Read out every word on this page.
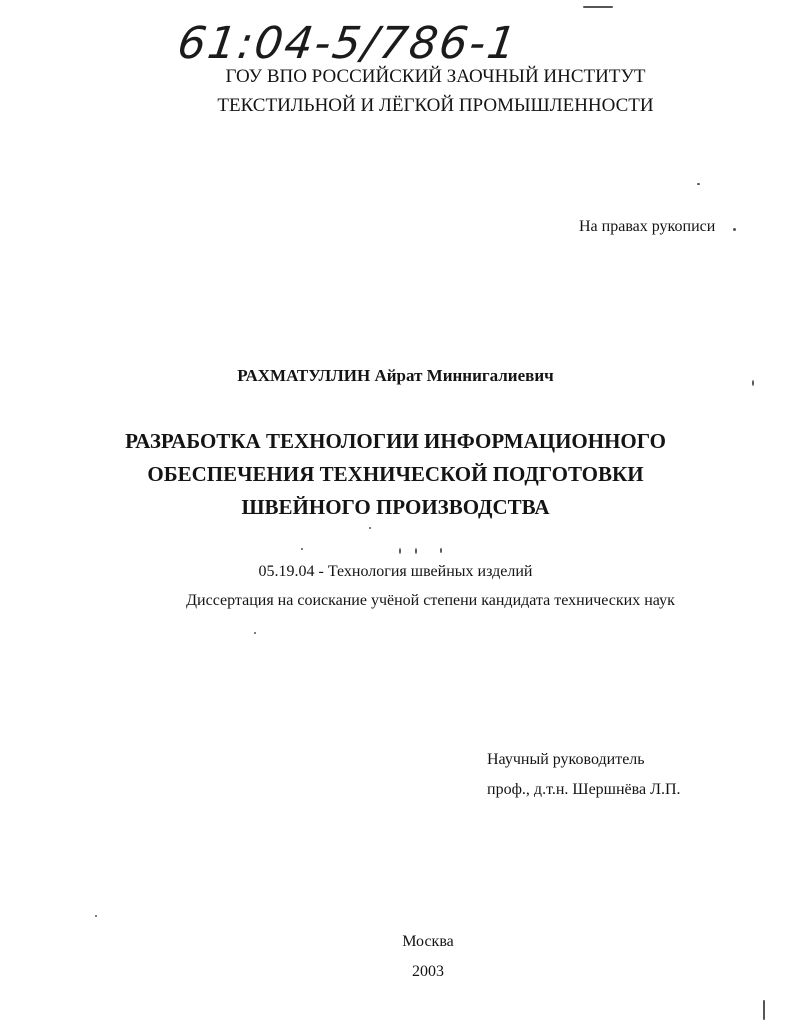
61:04-5/786-1
ГОУ ВПО РОССИЙСКИЙ ЗАОЧНЫЙ ИНСТИТУТ
ТЕКСТИЛЬНОЙ И ЛЁГКОЙ ПРОМЫШЛЕННОСТИ
На правах рукописи
РАХМАТУЛЛИН Айрат Миннигалиевич
РАЗРАБОТКА ТЕХНОЛОГИИ ИНФОРМАЦИОННОГО
ОБЕСПЕЧЕНИЯ ТЕХНИЧЕСКОЙ ПОДГОТОВКИ
ШВЕЙНОГО ПРОИЗВОДСТВА
05.19.04 - Технология швейных изделий
Диссертация на соискание учёной степени кандидата технических наук
Научный руководитель
проф., д.т.н. Шершнёва Л.П.
Москва
2003
